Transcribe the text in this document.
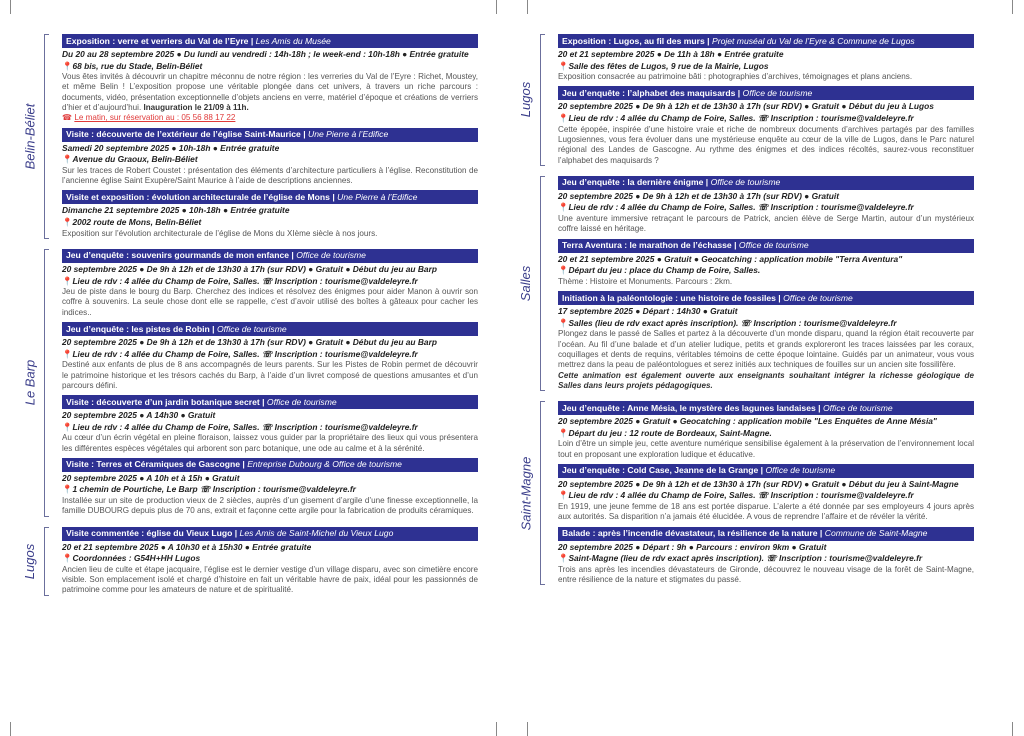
Belin-Béliet
Exposition : verre et verriers du Val de l’Eyre | Les Amis du Musée
Du 20 au 28 septembre 2025 ● Du lundi au vendredi : 14h-18h ; le week-end : 10h-18h ● Entrée gratuite
📍68 bis, rue du Stade, Belin-Béliet
Vous êtes invités à découvrir un chapitre méconnu de notre région : les verreries du Val de l’Eyre : Richet, Moustey, et même Belin ! L’exposition propose une véritable plongée dans cet univers, à travers un riche parcours : documents, vidéo, présentation exceptionnelle d’objets anciens en verre, matériel d’époque et créations de verriers d’hier et d’aujourd’hui. Inauguration le 21/09 à 11h.
☎ Le matin, sur réservation au : 05 56 88 17 22
Visite : découverte de l’extérieur de l’église Saint-Maurice | Une Pierre à l’Edifice
Samedi 20 septembre 2025 ● 10h-18h ● Entrée gratuite
📍Avenue du Graoux, Belin-Béliet
Sur les traces de Robert Coustet : présentation des éléments d’architecture particuliers à l’église. Reconstitution de l’ancienne église Saint Exupère/Saint Maurice à l’aide de descriptions anciennes.
Visite et exposition : évolution architecturale de l’église de Mons | Une Pierre à l’Edifice
Dimanche 21 septembre 2025 ● 10h-18h ● Entrée gratuite
📍2002 route de Mons, Belin-Béliet
Exposition sur l’évolution architecturale de l’église de Mons du XIème siècle à nos jours.
Le Barp
Jeu d’enquête : souvenirs gourmands de mon enfance | Office de tourisme
20 septembre 2025 ● De 9h à 12h et de 13h30 à 17h (sur RDV) ● Gratuit ● Début du jeu au Barp
📍Lieu de rdv : 4 allée du Champ de Foire, Salles. ☏ Inscription : tourisme@valdeleyre.fr
Jeu de piste dans le bourg du Barp. Cherchez des indices et résolvez des énigmes pour aider Manon à ouvrir son coffre à souvenirs. La seule chose dont elle se rappelle, c’est d’avoir utilisé des boîtes à gâteaux pour cacher les indices..
Jeu d’enquête : les pistes de Robin | Office de tourisme
20 septembre 2025 ● De 9h à 12h et de 13h30 à 17h (sur RDV) ● Gratuit ● Début du jeu au Barp
📍Lieu de rdv : 4 allée du Champ de Foire, Salles. ☏ Inscription : tourisme@valdeleyre.fr
Destiné aux enfants de plus de 8 ans accompagnés de leurs parents. Sur les Pistes de Robin permet de découvrir le patrimoine historique et les trésors cachés du Barp, à l’aide d’un livret composé de questions amusantes et d’un parcours défini.
Visite : découverte d’un jardin botanique secret | Office de tourisme
20 septembre 2025 ● A 14h30 ● Gratuit
📍Lieu de rdv : 4 allée du Champ de Foire, Salles. ☏ Inscription : tourisme@valdeleyre.fr
Au cœur d’un écrin végétal en pleine floraison, laissez vous guider par la propriétaire des lieux qui vous présentera les différentes espèces végétales qui arborent son parc botanique, une ode au calme et à la sérénité.
Visite : Terres et Céramiques de Gascogne | Entreprise Dubourg & Office de tourisme
20 septembre 2025 ● A 10h et à 15h ● Gratuit
📍1 chemin de Pourtiche, Le Barp ☏ Inscription : tourisme@valdeleyre.fr
Installée sur un site de production vieux de 2 siècles, auprès d’un gisement d’argile d’une finesse exceptionnelle, la famille DUBOURG depuis plus de 70 ans, extrait et façonne cette argile pour la fabrication de produits céramiques.
Lugos
Visite commentée : église du Vieux Lugo | Les Amis de Saint-Michel du Vieux Lugo
20 et 21 septembre 2025 ● A 10h30 et à 15h30 ● Entrée gratuite
📍Coordonnées : G54H+HH Lugos
Ancien lieu de culte et étape jacquaire, l’église est le dernier vestige d’un village disparu, avec son cimetière encore visible. Son emplacement isolé et chargé d’histoire en fait un véritable havre de paix, idéal pour les passionnés de patrimoine comme pour les amateurs de nature et de spiritualité.
Lugos
Exposition : Lugos, au fil des murs | Projet muséal du Val de l’Eyre & Commune de Lugos
20 et 21 septembre 2025 ● De 11h à 18h ● Entrée gratuite
📍Salle des fêtes de Lugos, 9 rue de la Mairie, Lugos
Exposition consacrée au patrimoine bâti : photographies d’archives, témoignages et plans anciens.
Jeu d’enquête : l’alphabet des maquisards | Office de tourisme
20 septembre 2025 ● De 9h à 12h et de 13h30 à 17h (sur RDV) ● Gratuit ● Début du jeu à Lugos
📍Lieu de rdv : 4 allée du Champ de Foire, Salles. ☏ Inscription : tourisme@valdeleyre.fr
Cette épopée, inspirée d’une histoire vraie et riche de nombreux documents d’archives partagés par des familles Lugosiennes, vous fera évoluer dans une mystérieuse enquête au cœur de la ville de Lugos, dans le Parc naturel régional des Landes de Gascogne. Au rythme des énigmes et des indices récoltés, saurez-vous reconstituer l’alphabet des maquisards ?
Salles
Jeu d’enquête : la dernière énigme | Office de tourisme
20 septembre 2025 ● De 9h à 12h et de 13h30 à 17h (sur RDV) ● Gratuit
📍Lieu de rdv : 4 allée du Champ de Foire, Salles. ☏ Inscription : tourisme@valdeleyre.fr
Une aventure immersive retraçant le parcours de Patrick, ancien élève de Serge Martin, autour d’un mystérieux coffre laissé en héritage.
Terra Aventura : le marathon de l’échasse | Office de tourisme
20 et 21 septembre 2025 ● Gratuit ● Geocatching : application mobile "Terra Aventura"
📍Départ du jeu : place du Champ de Foire, Salles.
Thème : Histoire et Monuments. Parcours : 2km.
Initiation à la paléontologie : une histoire de fossiles | Office de tourisme
17 septembre 2025 ● Départ : 14h30 ● Gratuit
📍Salles (lieu de rdv exact après inscription). ☏ Inscription : tourisme@valdeleyre.fr
Plongez dans le passé de Salles et partez à la découverte d’un monde disparu, quand la région était recouverte par l’océan. Au fil d’une balade et d’un atelier ludique, petits et grands exploreront les traces laissées par les coraux, coquillages et dents de requins, véritables témoins de cette époque lointaine. Guidés par un animateur, vous vous mettrez dans la peau de paléontologues et serez initiés aux techniques de fouilles sur un ancien site fossilifère.
Cette animation est également ouverte aux enseignants souhaitant intégrer la richesse géologique de Salles dans leurs projets pédagogiques.
Saint-Magne
Jeu d’enquête : Anne Mésia, le mystère des lagunes landaises | Office de tourisme
20 septembre 2025 ● Gratuit ● Geocatching : application mobile "Les Enquêtes de Anne Mésia"
📍Départ du jeu : 12 route de Bordeaux, Saint-Magne.
Loin d’être un simple jeu, cette aventure numérique sensibilise également à la préservation de l’environnement local tout en proposant une exploration ludique et éducative.
Jeu d’enquête : Cold Case, Jeanne de la Grange | Office de tourisme
20 septembre 2025 ● De 9h à 12h et de 13h30 à 17h (sur RDV) ● Gratuit ● Début du jeu à Saint-Magne
📍Lieu de rdv : 4 allée du Champ de Foire, Salles. ☏ Inscription : tourisme@valdeleyre.fr
En 1919, une jeune femme de 18 ans est portée disparue. L’alerte a été donnée par ses employeurs 4 jours après aux autorités. Sa disparition n’a jamais été élucidée. A vous de reprendre l’affaire et de révéler la vérité.
Balade : après l’incendie dévastateur, la résilience de la nature | Commune de Saint-Magne
20 septembre 2025 ● Départ : 9h ● Parcours : environ 9km ● Gratuit
📍Saint-Magne (lieu de rdv exact après inscription). ☏ Inscription : tourisme@valdeleyre.fr
Trois ans après les incendies dévastateurs de Gironde, découvrez le nouveau visage de la forêt de Saint-Magne, entre résilience de la nature et stigmates du passé.
